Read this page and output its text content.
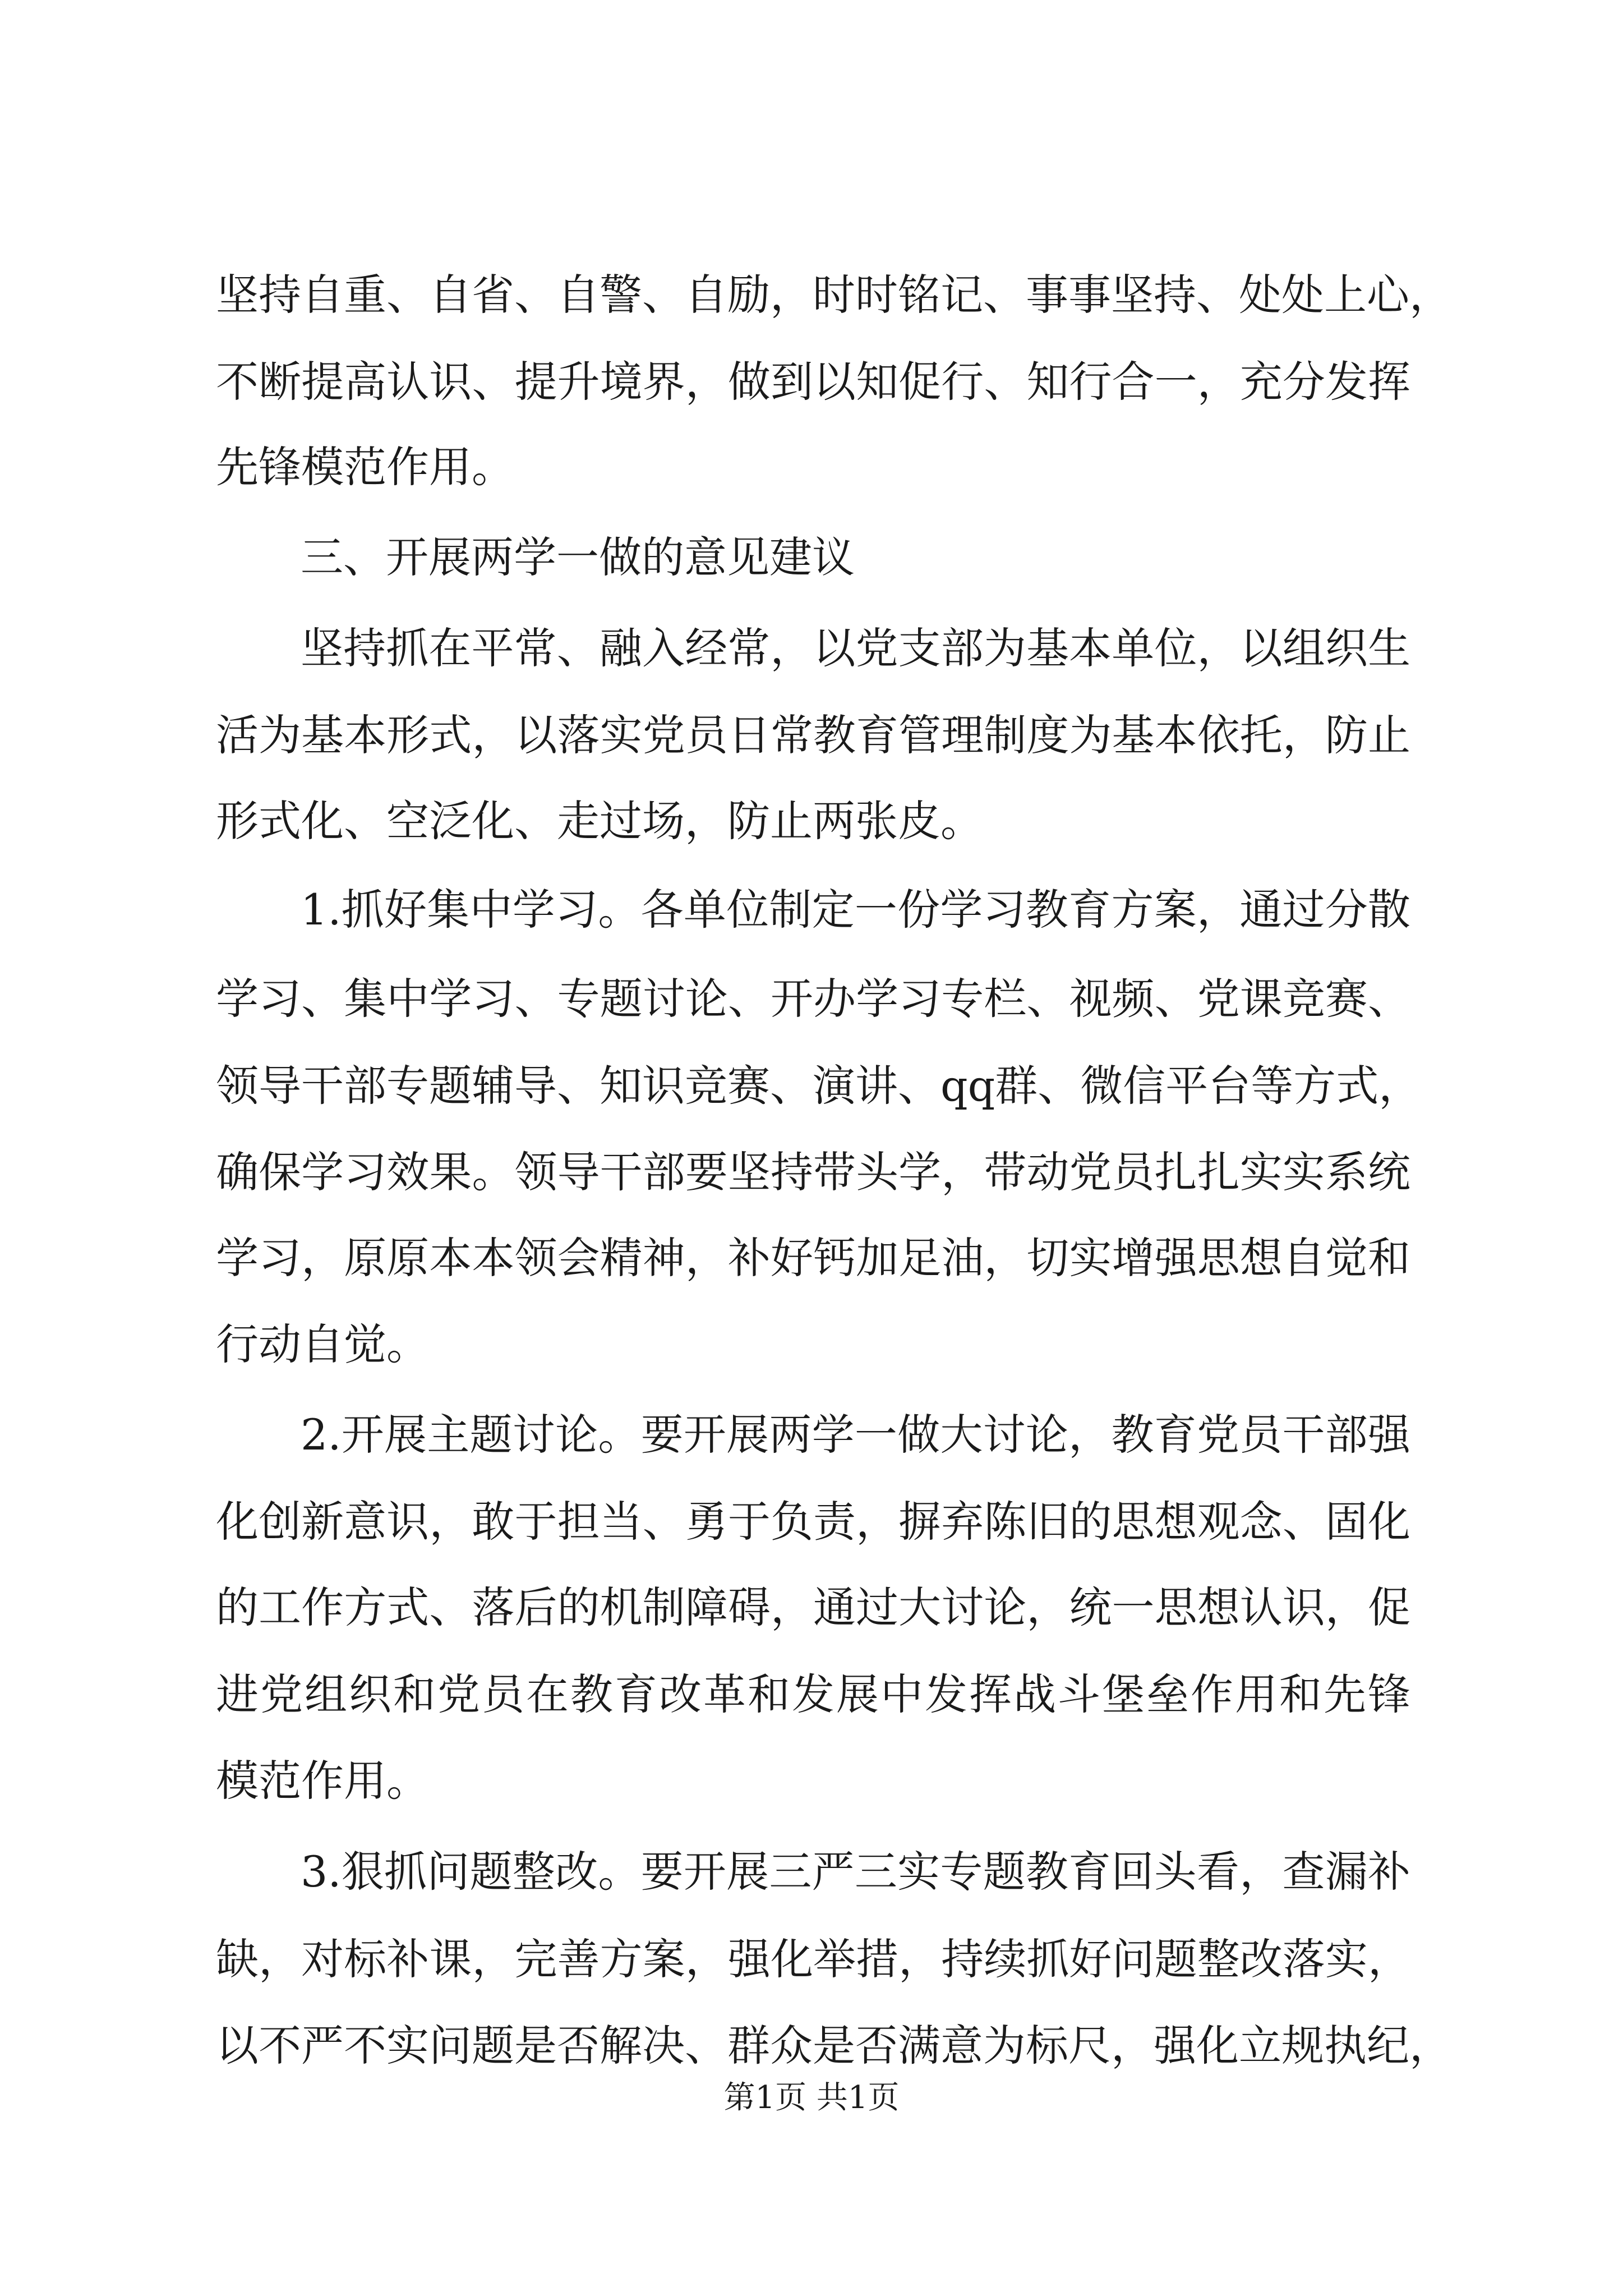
坚持自重、自省、自警、自励，时时铭记、事事坚持、处处上心，
不断提高认识、提升境界，做到以知促行、知行合一，充分发挥
先锋模范作用。
三、开展两学一做的意见建议
坚持抓在平常、融入经常，以党支部为基本单位，以组织生
活为基本形式，以落实党员日常教育管理制度为基本依托，防止
形式化、空泛化、走过场，防止两张皮。
1.抓好集中学习。各单位制定一份学习教育方案，通过分散
学习、集中学习、专题讨论、开办学习专栏、视频、党课竞赛、
领导干部专题辅导、知识竞赛、演讲、qq群、微信平台等方式，
确保学习效果。领导干部要坚持带头学，带动党员扎扎实实系统
学习，原原本本领会精神，补好钙加足油，切实增强思想自觉和
行动自觉。
2.开展主题讨论。要开展两学一做大讨论，教育党员干部强
化创新意识，敢于担当、勇于负责，摒弃陈旧的思想观念、固化
的工作方式、落后的机制障碍，通过大讨论，统一思想认识，促
进党组织和党员在教育改革和发展中发挥战斗堡垒作用和先锋
模范作用。
3.狠抓问题整改。要开展三严三实专题教育回头看，查漏补
缺，对标补课，完善方案，强化举措，持续抓好问题整改落实，
以不严不实问题是否解决、群众是否满意为标尺，强化立规执纪，
第1页 共1页
